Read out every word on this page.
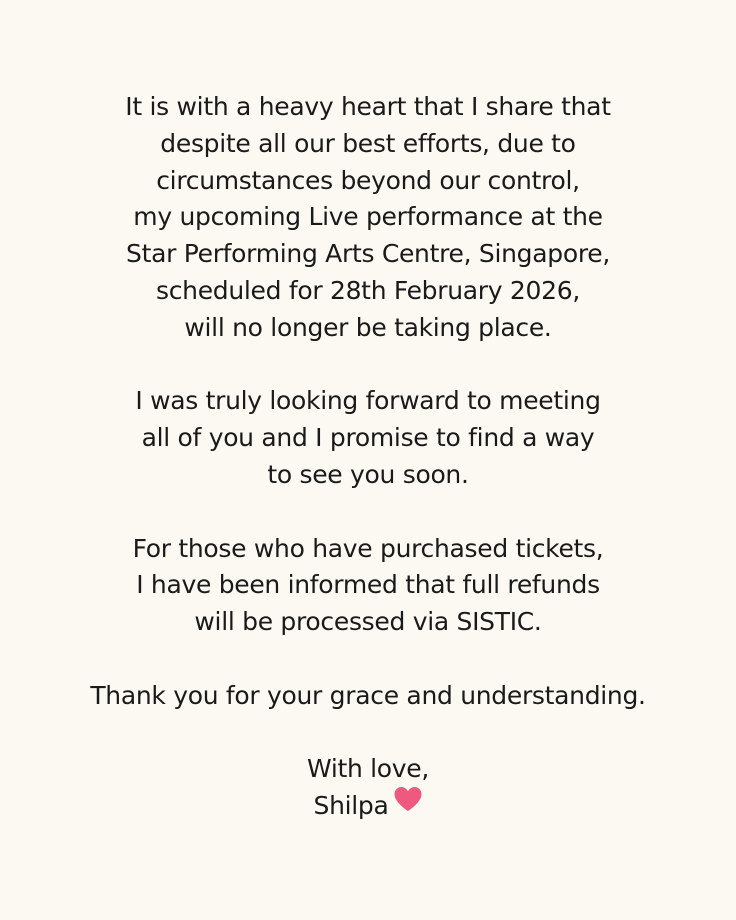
It is with a heavy heart that I share that
despite all our best efforts, due to
circumstances beyond our control,
my upcoming Live performance at the
Star Performing Arts Centre, Singapore,
scheduled for 28th February 2026,
will no longer be taking place.

I was truly looking forward to meeting
all of you and I promise to find a way
to see you soon.

For those who have purchased tickets,
I have been informed that full refunds
will be processed via SISTIC.

Thank you for your grace and understanding.

With love,
Shilpa
